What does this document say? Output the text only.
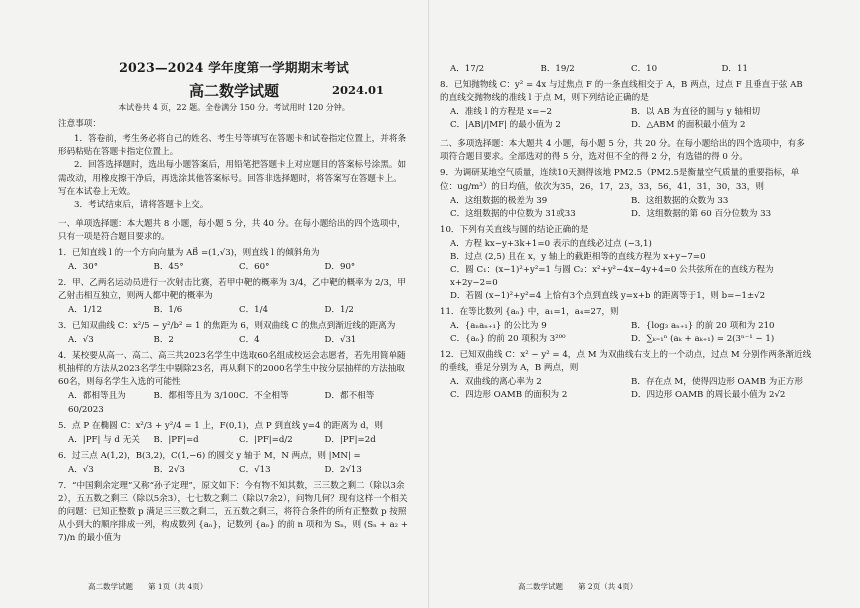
2023—2024 学年度第一学期期末考试
高二数学试题	2024.01
本试卷共 4 页，22 题。全卷满分 150 分。考试用时 120 分钟。
注意事项：

1．答卷前，考生务必将自己的姓名、考生号等填写在答题卡和试卷指定位置上，并将条形码粘贴在答题卡指定位置上。

2．回答选择题时，选出每小题答案后，用铅笔把答题卡上对应题目的答案标号涂黑。如需改动，用橡皮擦干净后，再选涂其他答案标号。回答非选择题时，将答案写在答题卡上。写在本试卷上无效。

3．考试结束后，请将答题卡上交。

一、单项选择题：本大题共 8 小题，每小题 5 分，共 40 分。在每小题给出的四个选项中，只有一项是符合题目要求的。

1．已知直线 l 的一个方向向量为 AB⃗ =(1,√3)，则直线 l 的倾斜角为

A．30°	B．45°	C．60°	D．90°

2．甲、乙两名运动员进行一次射击比赛，若甲中靶的概率为 3/4，乙中靶的概率为 2/3，甲乙射击相互独立，则两人都中靶的概率为

A．1/12	B．1/6	C．1/4	D．1/2

3．已知双曲线 C：x²/5 − y²/b² = 1 的焦距为 6，则双曲线 C 的焦点到渐近线的距离为

A．√3	B．2	C．4	D．√31

4．某校要从高一、高二、高三共2023名学生中选取60名组成校运会志愿者，若先用简单随机抽样的方法从2023名学生中剔除23名，再从剩下的2000名学生中按分层抽样的方法抽取60名，则每名学生入选的可能性

A．都相等且为 60/2023
B．都相等且为 3/100 C．不全相等	D．都不相等

5．点 P 在椭圆 C：x²/3 + y²/4 = 1 上，F(0,1)，点 P 到直线 y=4 的距离为 d，则

A．|PF| 与 d 无关	B．|PF|=d	C．|PF|=d/2	D．|PF|=2d

6．过三点 A(1,2)，B(3,2)，C(1,−6) 的圆交 y 轴于 M，N 两点，则 |MN| =

A．√3	B．2√3	C．√13	D．2√13

7．“中国剩余定理”又称“孙子定理”，原文如下：今有物不知其数，三三数之剩二（除以3余2），五五数之剩三（除以5余3），七七数之剩二（除以7余2），问物几何？现有这样一个相关的问题：已知正整数 p 满足三三数之剩二，五五数之剩三，将符合条件的所有正整数 p 按照从小到大的顺序排成一列，构成数列 {aₙ}，记数列 {aₙ} 的前 n 项和为 Sₙ，则 (Sₙ + a₂ + 7)/n 的最小值为

A．17/2	B．19/2	C．10	D．11

8．已知抛物线 C：y² = 4x 与过焦点 F 的一条直线相交于 A，B 两点，过点 F 且垂直于弦 AB 的直线交抛物线的准线 l 于点 M，则下列结论正确的是

A．准线 l 的方程是 x=−2	B．以 AB 为直径的圆与 y 轴相切
C．|AB|/|MF| 的最小值为 2	D．△ABM 的面积最小值为 2

二、多项选择题：本大题共 4 小题，每小题 5 分，共 20 分。在每小题给出的四个选项中，有多项符合题目要求。全部选对的得 5 分，选对但不全的得 2 分，有选错的得 0 分。

9．为调研某地空气质量，连续10天测得该地 PM2.5（PM2.5是衡量空气质量的重要指标，单位：ug/m³）的日均值，依次为35，26，17，23，33，56，41，31，30，33，则

A．这组数据的极差为 39	B．这组数据的众数为 33
C．这组数据的中位数为 31或33	D．这组数据的第 60 百分位数为 33

10．下列有关直线与圆的结论正确的是

A．方程 kx−y+3k+1=0 表示的直线必过点 (−3,1)
B．过点 (2,5) 且在 x，y 轴上的截距相等的直线方程为 x+y−7=0
C．圆 C₁：(x−1)²+y²=1 与圆 C₂：x²+y²−4x−4y+4=0 公共弦所在的直线方程为 x+2y−2=0
D．若圆 (x−1)²+y²=4 上恰有3个点到直线 y=x+b 的距离等于1，则 b=−1±√2

11．在等比数列 {aₙ} 中，a₁=1，a₄=27，则

A．{aₙaₙ₊₁} 的公比为 9	B．{log₃ aₙ₊₁} 的前 20 项和为 210
C．{aₙ} 的前 20 项积为 3²⁰⁰	D．∑ₖ₌₁ⁿ (aₖ + aₖ₊₁) = 2(3ⁿ⁻¹ − 1)

12．已知双曲线 C：x² − y² = 4，点 M 为双曲线右支上的一个动点，过点 M 分别作两条渐近线的垂线，垂足分别为 A，B 两点，则

A．双曲线的离心率为 2	B．存在点 M，使得四边形 OAMB 为正方形
C．四边形 OAMB 的面积为 2	D．四边形 OAMB 的周长最小值为 2√2
高二数学试题　　第 1页（共 4页）	高二数学试题　　第 2页（共 4页）
